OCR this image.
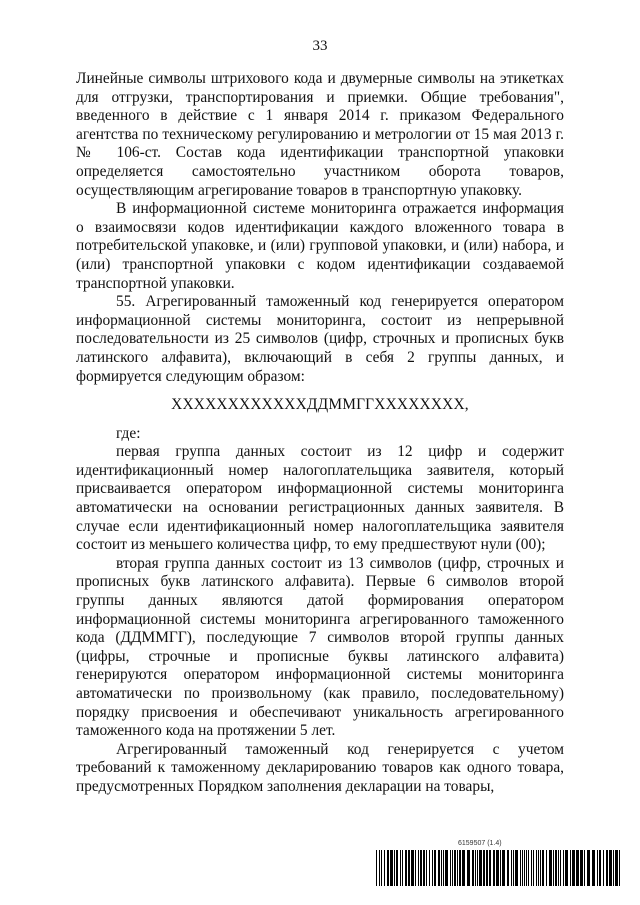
33

Линейные символы штрихового кода и двумерные символы на этикетках для отгрузки, транспортирования и приемки. Общие требования", введенного в действие с 1 января 2014 г. приказом Федерального агентства по техническому регулированию и метрологии от 15 мая 2013 г. № 106-ст. Состав кода идентификации транспортной упаковки определяется самостоятельно участником оборота товаров, осуществляющим агрегирование товаров в транспортную упаковку.

В информационной системе мониторинга отражается информация о взаимосвязи кодов идентификации каждого вложенного товара в потребительской упаковке, и (или) групповой упаковки, и (или) набора, и (или) транспортной упаковки с кодом идентификации создаваемой транспортной упаковки.

55. Агрегированный таможенный код генерируется оператором информационной системы мониторинга, состоит из непрерывной последовательности из 25 символов (цифр, строчных и прописных букв латинского алфавита), включающий в себя 2 группы данных, и формируется следующим образом:

XXXXXXXXXXXXДДММГГXXXXXXXX,

где:

первая группа данных состоит из 12 цифр и содержит идентификационный номер налогоплательщика заявителя, который присваивается оператором информационной системы мониторинга автоматически на основании регистрационных данных заявителя. В случае если идентификационный номер налогоплательщика заявителя состоит из меньшего количества цифр, то ему предшествуют нули (00);

вторая группа данных состоит из 13 символов (цифр, строчных и прописных букв латинского алфавита). Первые 6 символов второй группы данных являются датой формирования оператором информационной системы мониторинга агрегированного таможенного кода (ДДММГГ), последующие 7 символов второй группы данных (цифры, строчные и прописные буквы латинского алфавита) генерируются оператором информационной системы мониторинга автоматически по произвольному (как правило, последовательному) порядку присвоения и обеспечивают уникальность агрегированного таможенного кода на протяжении 5 лет.

Агрегированный таможенный код генерируется с учетом требований к таможенному декларированию товаров как одного товара, предусмотренных Порядком заполнения декларации на товары,

6159507 (1.4)
